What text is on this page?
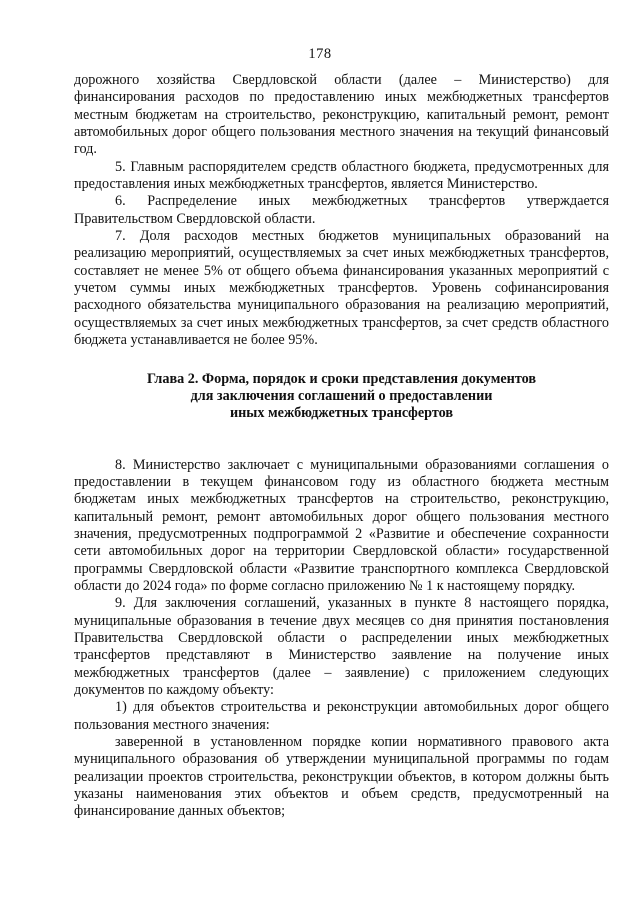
178

дорожного хозяйства Свердловской области (далее – Министерство) для финансирования расходов по предоставлению иных межбюджетных трансфертов местным бюджетам на строительство, реконструкцию, капитальный ремонт, ремонт автомобильных дорог общего пользования местного значения на текущий финансовый год.

5. Главным распорядителем средств областного бюджета, предусмотренных для предоставления иных межбюджетных трансфертов, является Министерство.

6. Распределение иных межбюджетных трансфертов утверждается Правительством Свердловской области.

7. Доля расходов местных бюджетов муниципальных образований на реализацию мероприятий, осуществляемых за счет иных межбюджетных трансфертов, составляет не менее 5% от общего объема финансирования указанных мероприятий с учетом суммы иных межбюджетных трансфертов. Уровень софинансирования расходного обязательства муниципального образования на реализацию мероприятий, осуществляемых за счет иных межбюджетных трансфертов, за счет средств областного бюджета устанавливается не более 95%.

Глава 2. Форма, порядок и сроки представления документов
для заключения соглашений о предоставлении
иных межбюджетных трансфертов

8. Министерство заключает с муниципальными образованиями соглашения о предоставлении в текущем финансовом году из областного бюджета местным бюджетам иных межбюджетных трансфертов на строительство, реконструкцию, капитальный ремонт, ремонт автомобильных дорог общего пользования местного значения, предусмотренных подпрограммой 2 «Развитие и обеспечение сохранности сети автомобильных дорог на территории Свердловской области» государственной программы Свердловской области «Развитие транспортного комплекса Свердловской области до 2024 года» по форме согласно приложению № 1 к настоящему порядку.

9. Для заключения соглашений, указанных в пункте 8 настоящего порядка, муниципальные образования в течение двух месяцев со дня принятия постановления Правительства Свердловской области о распределении иных межбюджетных трансфертов представляют в Министерство заявление на получение иных межбюджетных трансфертов (далее – заявление) с приложением следующих документов по каждому объекту:

1) для объектов строительства и реконструкции автомобильных дорог общего пользования местного значения:

заверенной в установленном порядке копии нормативного правового акта муниципального образования об утверждении муниципальной программы по годам реализации проектов строительства, реконструкции объектов, в котором должны быть указаны наименования этих объектов и объем средств, предусмотренный на финансирование данных объектов;
